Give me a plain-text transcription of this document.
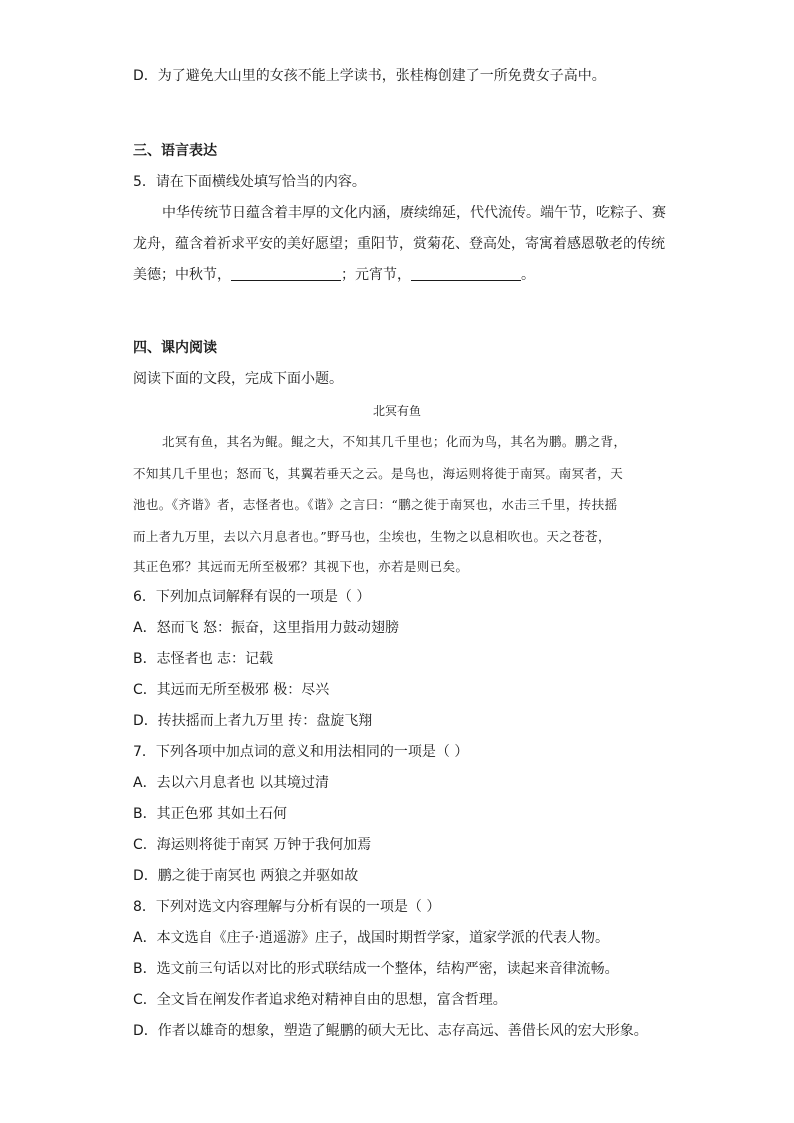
D．为了避免大山里的女孩不能上学读书，张桂梅创建了一所免费女子高中。
三、语言表达
5．请在下面横线处填写恰当的内容。
中华传统节日蕴含着丰厚的文化内涵，赓续绵延，代代流传。端午节，吃粽子、赛
龙舟，蕴含着祈求平安的美好愿望；重阳节，赏菊花、登高处，寄寓着感恩敬老的传统
美德；中秋节，	；元宵节，	。
四、课内阅读
阅读下面的文段，完成下面小题。
北冥有鱼
北冥有鱼，其名为鲲。鲲之大，不知其几千里也；化而为鸟，其名为鹏。鹏之背，
不知其几千里也；怒而飞，其翼若垂天之云。是鸟也，海运则将徙于南冥。南冥者，天
池也。《齐谐》者，志怪者也。《谐》之言曰：“鹏之徙于南冥也，水击三千里，抟扶摇
而上者九万里，去以六月息者也。”野马也，尘埃也，生物之以息相吹也。天之苍苍，
其正色邪？其远而无所至极邪？其视下也，亦若是则已矣。
6．下列加点词解释有误的一项是（ ）
A．怒而飞 怒：振奋，这里指用力鼓动翅膀
B．志怪者也 志：记载
C．其远而无所至极邪 极：尽兴
D．抟扶摇而上者九万里 抟：盘旋飞翔
7．下列各项中加点词的意义和用法相同的一项是（ ）
A．去以六月息者也 以其境过清
B．其正色邪 其如土石何
C．海运则将徙于南冥 万钟于我何加焉
D．鹏之徙于南冥也 两狼之并驱如故
8．下列对选文内容理解与分析有误的一项是（ ）
A．本文选自《庄子·逍遥游》庄子，战国时期哲学家，道家学派的代表人物。
B．选文前三句话以对比的形式联结成一个整体，结构严密，读起来音律流畅。
C．全文旨在阐发作者追求绝对精神自由的思想，富含哲理。
D．作者以雄奇的想象，塑造了鲲鹏的硕大无比、志存高远、善借长风的宏大形象。
